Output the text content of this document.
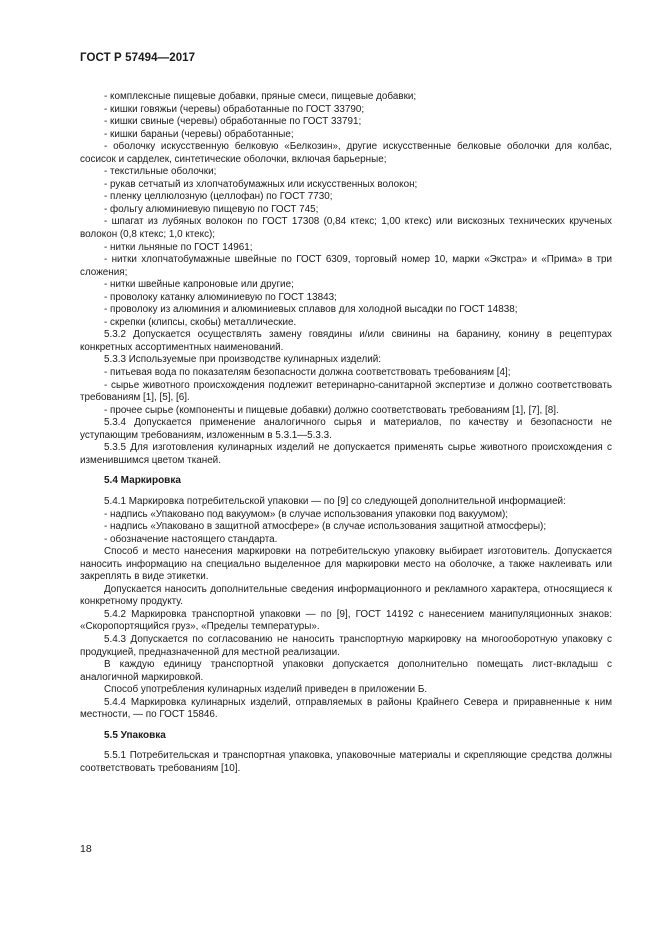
ГОСТ Р 57494—2017

- комплексные пищевые добавки, пряные смеси, пищевые добавки;

- кишки говяжьи (черевы) обработанные по ГОСТ 33790;

- кишки свиные (черевы) обработанные по ГОСТ 33791;

- кишки бараньи (черевы) обработанные;

- оболочку искусственную белковую «Белкозин», другие искусственные белковые оболочки для колбас, сосисок и сарделек, синтетические оболочки, включая барьерные;

- текстильные оболочки;

- рукав сетчатый из хлопчатобумажных или искусственных волокон;

- пленку целлюлозную (целлофан) по ГОСТ 7730;

- фольгу алюминиевую пищевую по ГОСТ 745;

- шпагат из лубяных волокон по ГОСТ 17308 (0,84 ктекс; 1,00 ктекс) или вискозных технических крученых волокон (0,8 ктекс; 1,0 ктекс);

- нитки льняные по ГОСТ 14961;

- нитки хлопчатобумажные швейные по ГОСТ 6309, торговый номер 10, марки «Экстра» и «Прима» в три сложения;

- нитки швейные капроновые или другие;

- проволоку катанку алюминиевую по ГОСТ 13843;

- проволоку из алюминия и алюминиевых сплавов для холодной высадки по ГОСТ 14838;

- скрепки (клипсы, скобы) металлические.

5.3.2 Допускается осуществлять замену говядины и/или свинины на баранину, конину в рецептурах конкретных ассортиментных наименований.

5.3.3 Используемые при производстве кулинарных изделий:

- питьевая вода по показателям безопасности должна соответствовать требованиям [4];

- сырье животного происхождения подлежит ветеринарно-санитарной экспертизе и должно соответствовать требованиям [1], [5], [6].

- прочее сырье (компоненты и пищевые добавки) должно соответствовать требованиям [1], [7], [8].

5.3.4 Допускается применение аналогичного сырья и материалов, по качеству и безопасности не уступающим требованиям, изложенным в 5.3.1—5.3.3.

5.3.5 Для изготовления кулинарных изделий не допускается применять сырье животного происхождения с изменившимся цветом тканей.

5.4 Маркировка

5.4.1 Маркировка потребительской упаковки — по [9] со следующей дополнительной информацией:

- надпись «Упаковано под вакуумом» (в случае использования упаковки под вакуумом);

- надпись «Упаковано в защитной атмосфере» (в случае использования защитной атмосферы);

- обозначение настоящего стандарта.

Способ и место нанесения маркировки на потребительскую упаковку выбирает изготовитель. Допускается наносить информацию на специально выделенное для маркировки место на оболочке, а также наклеивать или закреплять в виде этикетки.

Допускается наносить дополнительные сведения информационного и рекламного характера, относящиеся к конкретному продукту.

5.4.2 Маркировка транспортной упаковки — по [9], ГОСТ 14192 с нанесением манипуляционных знаков: «Скоропортящийся груз», «Пределы температуры».

5.4.3 Допускается по согласованию не наносить транспортную маркировку на многооборотную упаковку с продукцией, предназначенной для местной реализации.

В каждую единицу транспортной упаковки допускается дополнительно помещать лист-вкладыш с аналогичной маркировкой.

Способ употребления кулинарных изделий приведен в приложении Б.

5.4.4 Маркировка кулинарных изделий, отправляемых в районы Крайнего Севера и приравненные к ним местности, — по ГОСТ 15846.

5.5 Упаковка

5.5.1 Потребительская и транспортная упаковка, упаковочные материалы и скрепляющие средства должны соответствовать требованиям [10].

18
